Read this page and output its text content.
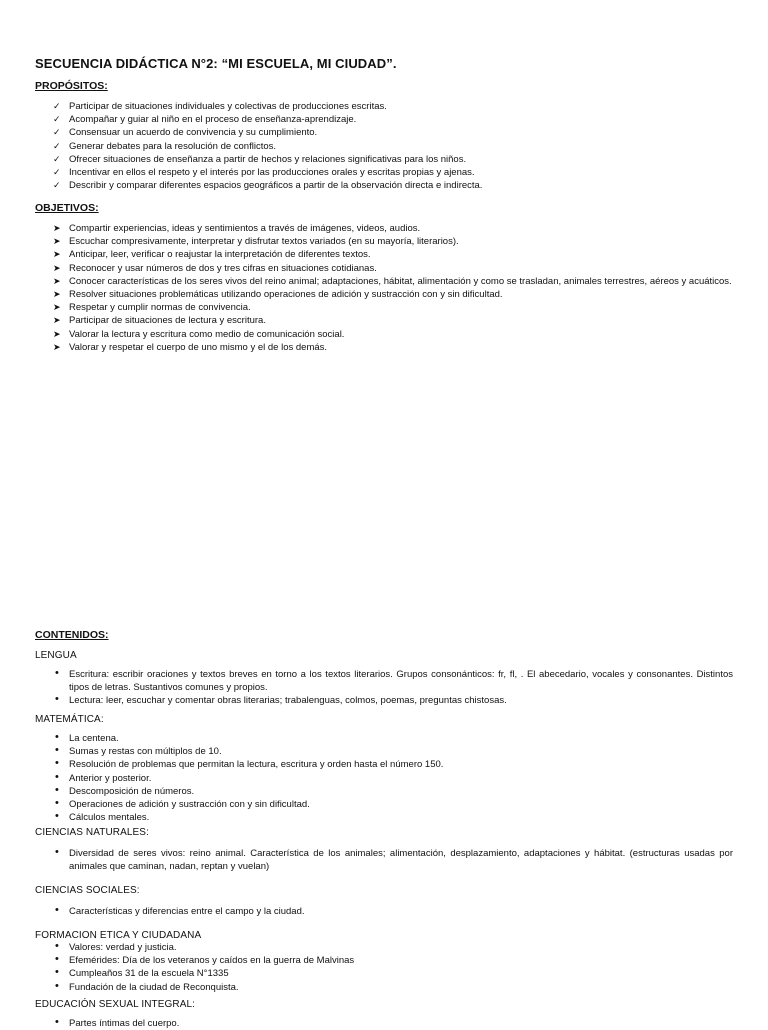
SECUENCIA DIDÁCTICA N°2: “MI ESCUELA, MI CIUDAD”.
PROPÓSITOS:
✓ Participar de situaciones individuales y colectivas de producciones escritas.
✓ Acompañar y guiar al niño en el proceso de enseñanza-aprendizaje.
✓ Consensuar un acuerdo de convivencia y su cumplimiento.
✓ Generar debates para la resolución de conflictos.
✓ Ofrecer situaciones de enseñanza a partir de hechos y relaciones significativas para los niños.
✓ Incentivar en ellos el respeto y el interés por las producciones orales y escritas propias y ajenas.
✓ Describir y comparar diferentes espacios geográficos a partir de la observación directa e indirecta.
OBJETIVOS:
➤ Compartir experiencias, ideas y sentimientos a través de imágenes, videos, audios.
➤ Escuchar compresivamente, interpretar y disfrutar textos variados (en su mayoría, literarios).
➤ Anticipar, leer, verificar o reajustar la interpretación de diferentes textos.
➤ Reconocer y usar números de dos y tres cifras en situaciones cotidianas.
➤ Conocer características de los seres vivos del reino animal; adaptaciones, hábitat, alimentación y como se trasladan, animales terrestres, aéreos y acuáticos.
➤ Resolver situaciones problemáticas utilizando operaciones de adición y sustracción con y sin dificultad.
➤ Respetar y cumplir normas de convivencia.
➤ Participar de situaciones de lectura y escritura.
➤ Valorar la lectura y escritura como medio de comunicación social.
➤ Valorar y respetar el cuerpo de uno mismo y el de los demás.
CONTENIDOS:
LENGUA
• Escritura: escribir oraciones y textos breves en torno a los textos literarios. Grupos consonánticos: fr, fl, . El abecedario, vocales y consonantes. Distintos tipos de letras. Sustantivos comunes y propios.
• Lectura: leer, escuchar y comentar obras literarias; trabalenguas, colmos, poemas, preguntas chistosas.
MATEMÁTICA:
• La centena.
• Sumas y restas con múltiplos de 10.
• Resolución de problemas que permitan la lectura, escritura y orden hasta el número 150.
• Anterior y posterior.
• Descomposición de números.
• Operaciones de adición y sustracción con y sin dificultad.
• Cálculos mentales.
CIENCIAS NATURALES:
• Diversidad de seres vivos: reino animal. Característica de los animales; alimentación, desplazamiento, adaptaciones y hábitat. (estructuras usadas por animales que caminan, nadan, reptan y vuelan)
CIENCIAS SOCIALES:
• Características y diferencias entre el campo y la ciudad.
FORMACION ETICA Y CIUDADANA
• Valores: verdad y justicia.
• Efemérides: Día de los veteranos y caídos en la guerra de Malvinas
• Cumpleaños 31 de la escuela N°1335
• Fundación de la ciudad de Reconquista.
EDUCACIÓN SEXUAL INTEGRAL:
• Partes íntimas del cuerpo.
